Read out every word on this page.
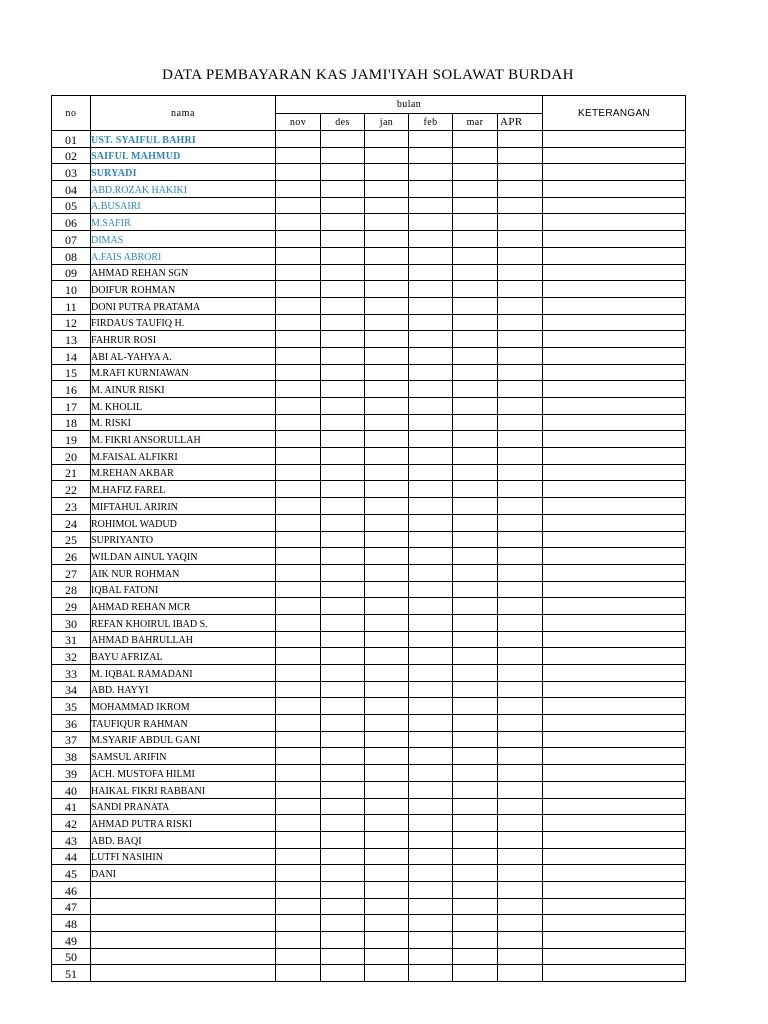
DATA PEMBAYARAN KAS JAMI'IYAH SOLAWAT BURDAH
no	nama	bulan						KETERANGAN
		nov	des	jan	feb	mar	APR	
01	UST. SYAIFUL BAHRI							
02	SAIFUL MAHMUD							
03	SURYADI							
04	ABD.ROZAK HAKIKI							
05	A.BUSAIRI							
06	M.SAFIR							
07	DIMAS							
08	A.FAIS ABRORI							
09	AHMAD REHAN SGN							
10	DOIFUR ROHMAN							
11	DONI PUTRA PRATAMA							
12	FIRDAUS TAUFIQ H.							
13	FAHRUR ROSI							
14	ABI AL-YAHYA A.							
15	M.RAFI KURNIAWAN							
16	M. AINUR RISKI							
17	M. KHOLIL							
18	M. RISKI							
19	M. FIKRI ANSORULLAH							
20	M.FAISAL ALFIKRI							
21	M.REHAN AKBAR							
22	M.HAFIZ FAREL							
23	MIFTAHUL ARIRIN							
24	ROHIMOL WADUD							
25	SUPRIYANTO							
26	WILDAN AINUL YAQIN							
27	AIK NUR ROHMAN							
28	IQBAL FATONI							
29	AHMAD REHAN MCR							
30	REFAN KHOIRUL IBAD S.							
31	AHMAD BAHRULLAH							
32	BAYU AFRIZAL							
33	M. IQBAL RAMADANI							
34	ABD. HAYYI							
35	MOHAMMAD IKROM							
36	TAUFIQUR RAHMAN							
37	M.SYARIF ABDUL GANI							
38	SAMSUL ARIFIN							
39	ACH. MUSTOFA HILMI							
40	HAIKAL FIKRI RABBANI							
41	SANDI PRANATA							
42	AHMAD PUTRA RISKI							
43	ABD. BAQI							
44	LUTFI NASIHIN							
45	DANI							
46								
47								
48								
49								
50								
51								
